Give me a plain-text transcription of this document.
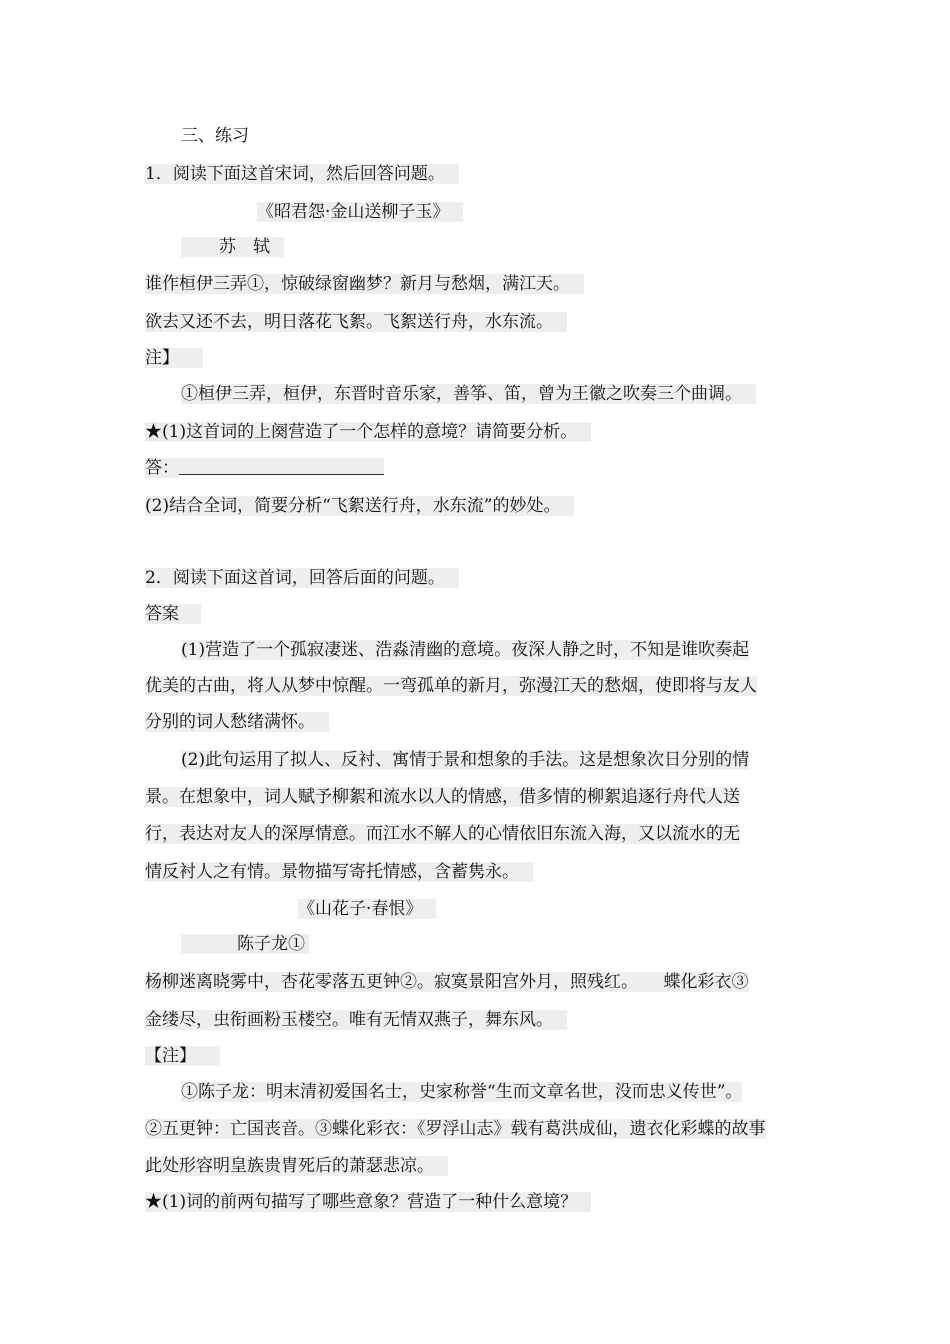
三、练习
1．阅读下面这首宋词，然后回答问题。
《昭君怨·金山送柳子玉》
苏　轼
谁作桓伊三弄①，惊破绿窗幽梦？新月与愁烟，满江天。
欲去又还不去，明日落花飞絮。飞絮送行舟，水东流。
注】
①桓伊三弄，桓伊，东晋时音乐家，善筝、笛，曾为王徽之吹奏三个曲调。
★(1)这首词的上阕营造了一个怎样的意境？请简要分析。
答：
(2)结合全词，简要分析“飞絮送行舟，水东流”的妙处。
2．阅读下面这首词，回答后面的问题。
答案
(1)营造了一个孤寂凄迷、浩淼清幽的意境。夜深人静之时，不知是谁吹奏起
优美的古曲，将人从梦中惊醒。一弯孤单的新月，弥漫江天的愁烟，使即将与友人
分别的词人愁绪满怀。
(2)此句运用了拟人、反衬、寓情于景和想象的手法。这是想象次日分别的情
景。在想象中，词人赋予柳絮和流水以人的情感，借多情的柳絮追逐行舟代人送
行，表达对友人的深厚情意。而江水不解人的心情依旧东流入海，又以流水的无
情反衬人之有情。景物描写寄托情感，含蓄隽永。
《山花子·春恨》
陈子龙①
杨柳迷离晓雾中，杏花零落五更钟②。寂寞景阳宫外月，照残红。　　蝶化彩衣③
金缕尽，虫衔画粉玉楼空。唯有无情双燕子，舞东风。
【注】
①陈子龙：明末清初爱国名士，史家称誉“生而文章名世，没而忠义传世”。
②五更钟：亡国丧音。③蝶化彩衣：《罗浮山志》载有葛洪成仙，遗衣化彩蝶的故事
此处形容明皇族贵胄死后的萧瑟悲凉。
★(1)词的前两句描写了哪些意象？营造了一种什么意境？
